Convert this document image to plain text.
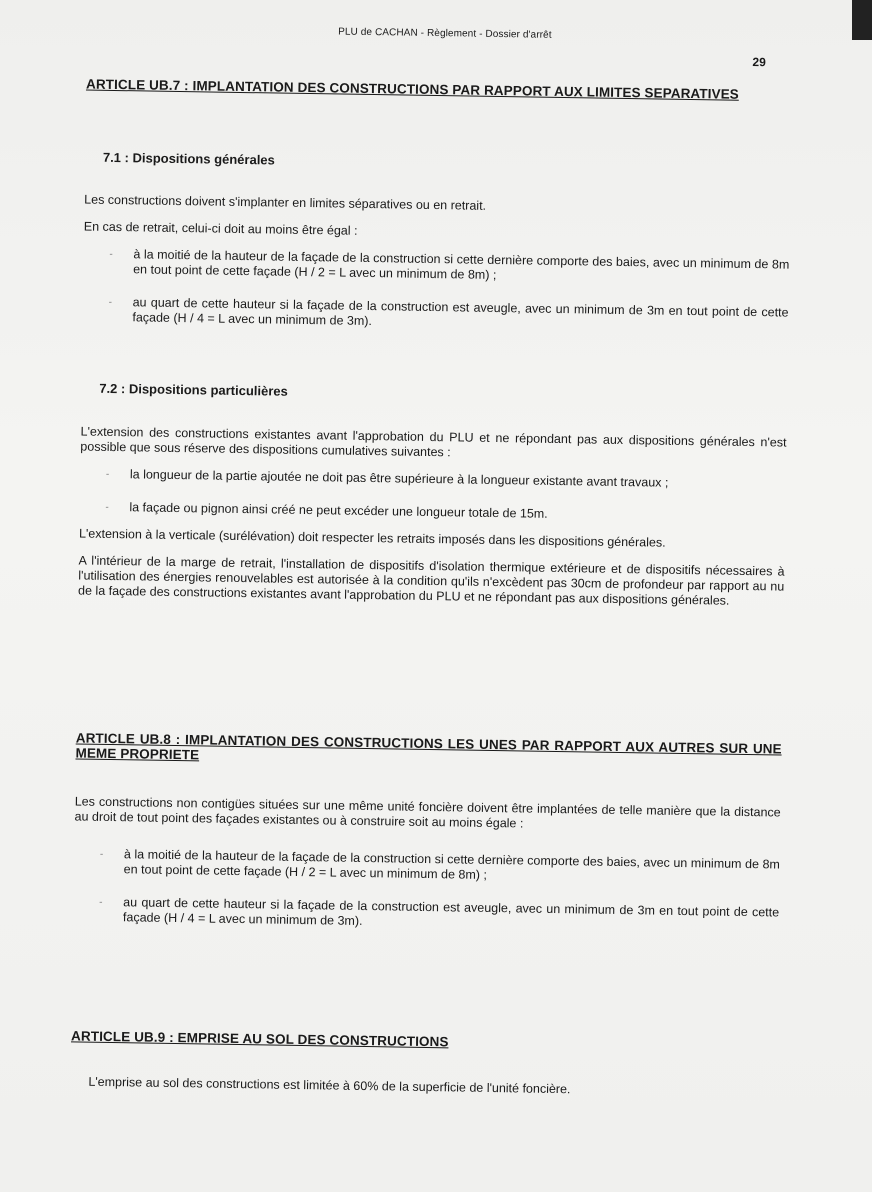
PLU de CACHAN - Règlement - Dossier d'arrêt
29
ARTICLE UB.7 : IMPLANTATION DES CONSTRUCTIONS PAR RAPPORT AUX LIMITES SEPARATIVES
7.1 : Dispositions générales

Les constructions doivent s'implanter en limites séparatives ou en retrait.

En cas de retrait, celui-ci doit au moins être égal :

- à la moitié de la hauteur de la façade de la construction si cette dernière comporte des baies, avec un minimum de 8m en tout point de cette façade (H / 2 = L avec un minimum de 8m) ;
- au quart de cette hauteur si la façade de la construction est aveugle, avec un minimum de 3m en tout point de cette façade (H / 4 = L avec un minimum de 3m).
7.2 : Dispositions particulières

L'extension des constructions existantes avant l'approbation du PLU et ne répondant pas aux dispositions générales n'est possible que sous réserve des dispositions cumulatives suivantes :

- la longueur de la partie ajoutée ne doit pas être supérieure à la longueur existante avant travaux ;
- la façade ou pignon ainsi créé ne peut excéder une longueur totale de 15m.

L'extension à la verticale (surélévation) doit respecter les retraits imposés dans les dispositions générales.

A l'intérieur de la marge de retrait, l'installation de dispositifs d'isolation thermique extérieure et de dispositifs nécessaires à l'utilisation des énergies renouvelables est autorisée à la condition qu'ils n'excèdent pas 30cm de profondeur par rapport au nu de la façade des constructions existantes avant l'approbation du PLU et ne répondant pas aux dispositions générales.

ARTICLE UB.8 : IMPLANTATION DES CONSTRUCTIONS LES UNES PAR RAPPORT AUX AUTRES SUR UNE MEME PROPRIETE

Les constructions non contigües situées sur une même unité foncière doivent être implantées de telle manière que la distance au droit de tout point des façades existantes ou à construire soit au moins égale :

- à la moitié de la hauteur de la façade de la construction si cette dernière comporte des baies, avec un minimum de 8m en tout point de cette façade (H / 2 = L avec un minimum de 8m) ;
- au quart de cette hauteur si la façade de la construction est aveugle, avec un minimum de 3m en tout point de cette façade (H / 4 = L avec un minimum de 3m).
ARTICLE UB.9 : EMPRISE AU SOL DES CONSTRUCTIONS

L'emprise au sol des constructions est limitée à 60% de la superficie de l'unité foncière.
